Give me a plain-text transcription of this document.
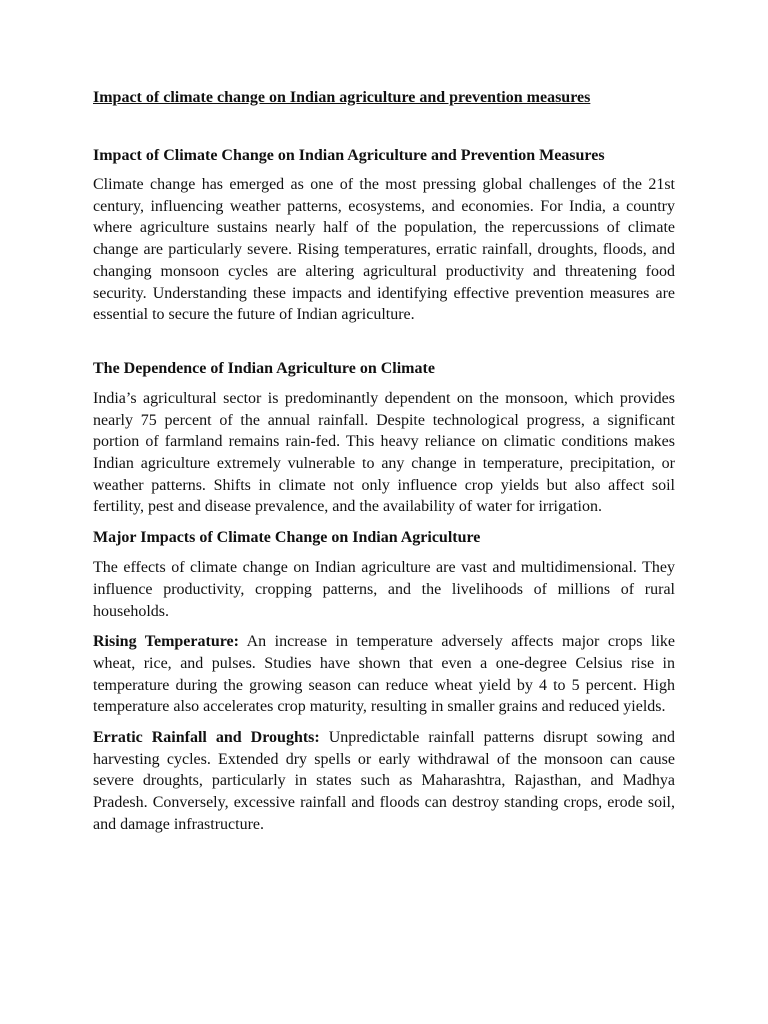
Impact of climate change on Indian agriculture and prevention measures

Impact of Climate Change on Indian Agriculture and Prevention Measures

Climate change has emerged as one of the most pressing global challenges of the 21st century, influencing weather patterns, ecosystems, and economies. For India, a country where agriculture sustains nearly half of the population, the repercussions of climate change are particularly severe. Rising temperatures, erratic rainfall, droughts, floods, and changing monsoon cycles are altering agricultural productivity and threatening food security. Understanding these impacts and identifying effective prevention measures are essential to secure the future of Indian agriculture.

The Dependence of Indian Agriculture on Climate

India’s agricultural sector is predominantly dependent on the monsoon, which provides nearly 75 percent of the annual rainfall. Despite technological progress, a significant portion of farmland remains rain-fed. This heavy reliance on climatic conditions makes Indian agriculture extremely vulnerable to any change in temperature, precipitation, or weather patterns. Shifts in climate not only influence crop yields but also affect soil fertility, pest and disease prevalence, and the availability of water for irrigation.

Major Impacts of Climate Change on Indian Agriculture

The effects of climate change on Indian agriculture are vast and multidimensional. They influence productivity, cropping patterns, and the livelihoods of millions of rural households.

Rising Temperature: An increase in temperature adversely affects major crops like wheat, rice, and pulses. Studies have shown that even a one-degree Celsius rise in temperature during the growing season can reduce wheat yield by 4 to 5 percent. High temperature also accelerates crop maturity, resulting in smaller grains and reduced yields.

Erratic Rainfall and Droughts: Unpredictable rainfall patterns disrupt sowing and harvesting cycles. Extended dry spells or early withdrawal of the monsoon can cause severe droughts, particularly in states such as Maharashtra, Rajasthan, and Madhya Pradesh. Conversely, excessive rainfall and floods can destroy standing crops, erode soil, and damage infrastructure.
